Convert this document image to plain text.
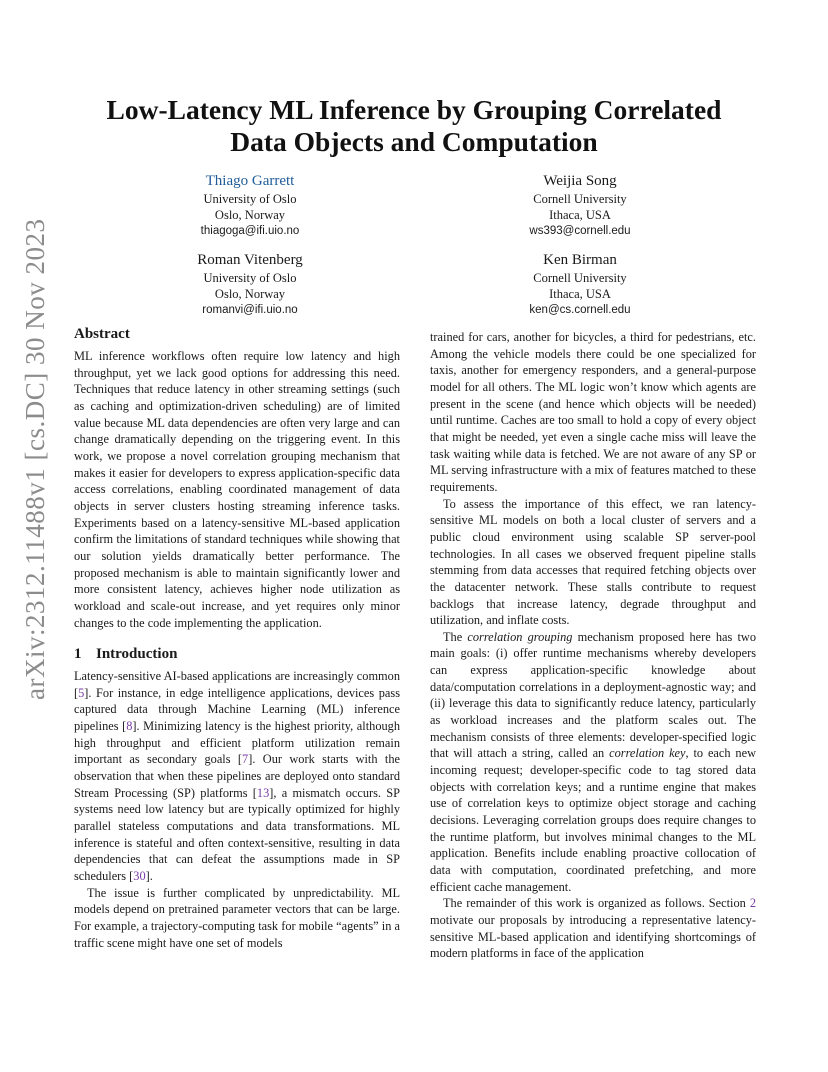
arXiv:2312.11488v1 [cs.DC] 30 Nov 2023
Low-Latency ML Inference by Grouping Correlated
Data Objects and Computation
Thiago Garrett
University of Oslo
Oslo, Norway
thiagoga@ifi.uio.no
Weijia Song
Cornell University
Ithaca, USA
ws393@cornell.edu
Roman Vitenberg
University of Oslo
Oslo, Norway
romanvi@ifi.uio.no
Ken Birman
Cornell University
Ithaca, USA
ken@cs.cornell.edu
Abstract

ML inference workflows often require low latency and high throughput, yet we lack good options for addressing this need. Techniques that reduce latency in other streaming settings (such as caching and optimization-driven scheduling) are of limited value because ML data dependencies are often very large and can change dramatically depending on the triggering event. In this work, we propose a novel correlation grouping mechanism that makes it easier for developers to express application-specific data access correlations, enabling coordinated management of data objects in server clusters hosting streaming inference tasks. Experiments based on a latency-sensitive ML-based application confirm the limitations of standard techniques while showing that our solution yields dramatically better performance. The proposed mechanism is able to maintain significantly lower and more consistent latency, achieves higher node utilization as workload and scale-out increase, and yet requires only minor changes to the code implementing the application.

1 Introduction

Latency-sensitive AI-based applications are increasingly common [5]. For instance, in edge intelligence applications, devices pass captured data through Machine Learning (ML) inference pipelines [8]. Minimizing latency is the highest priority, although high throughput and efficient platform utilization remain important as secondary goals [7]. Our work starts with the observation that when these pipelines are deployed onto standard Stream Processing (SP) platforms [13], a mismatch occurs. SP systems need low latency but are typically optimized for highly parallel stateless computations and data transformations. ML inference is stateful and often context-sensitive, resulting in data dependencies that can defeat the assumptions made in SP schedulers [30].

The issue is further complicated by unpredictability. ML models depend on pretrained parameter vectors that can be large. For example, a trajectory-computing task for mobile “agents” in a traffic scene might have one set of models

trained for cars, another for bicycles, a third for pedestrians, etc. Among the vehicle models there could be one specialized for taxis, another for emergency responders, and a general-purpose model for all others. The ML logic won’t know which agents are present in the scene (and hence which objects will be needed) until runtime. Caches are too small to hold a copy of every object that might be needed, yet even a single cache miss will leave the task waiting while data is fetched. We are not aware of any SP or ML serving infrastructure with a mix of features matched to these requirements.

To assess the importance of this effect, we ran latency-sensitive ML models on both a local cluster of servers and a public cloud environment using scalable SP server-pool technologies. In all cases we observed frequent pipeline stalls stemming from data accesses that required fetching objects over the datacenter network. These stalls contribute to request backlogs that increase latency, degrade throughput and utilization, and inflate costs.

The correlation grouping mechanism proposed here has two main goals: (i) offer runtime mechanisms whereby developers can express application-specific knowledge about data/computation correlations in a deployment-agnostic way; and (ii) leverage this data to significantly reduce latency, particularly as workload increases and the platform scales out. The mechanism consists of three elements: developer-specified logic that will attach a string, called an correlation key, to each new incoming request; developer-specific code to tag stored data objects with correlation keys; and a runtime engine that makes use of correlation keys to optimize object storage and caching decisions. Leveraging correlation groups does require changes to the runtime platform, but involves minimal changes to the ML application. Benefits include enabling proactive collocation of data with computation, coordinated prefetching, and more efficient cache management.

The remainder of this work is organized as follows. Section 2 motivate our proposals by introducing a representative latency-sensitive ML-based application and identifying shortcomings of modern platforms in face of the application
